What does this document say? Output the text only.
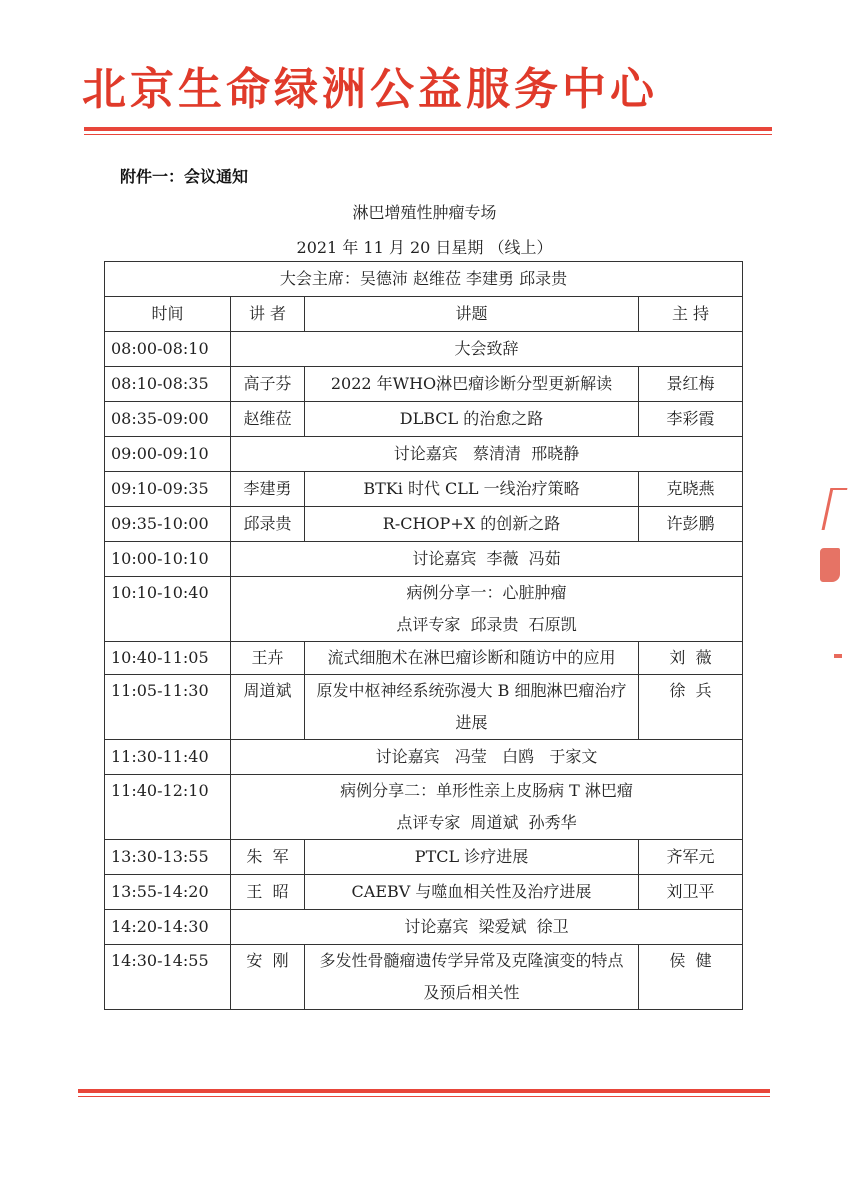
北京生命绿洲公益服务中心
附件一：会议通知
淋巴增殖性肿瘤专场
2021 年 11 月 20 日星期 （线上）
大会主席：吴德沛 赵维莅 李建勇 邱录贵			
时间	讲 者	讲题	主 持
08:00-08:10	大会致辞		
08:10-08:35	高子芬	2022 年WHO淋巴瘤诊断分型更新解读	景红梅
08:35-09:00	赵维莅	DLBCL 的治愈之路	李彩霞
09:00-09:10	讨论嘉宾   蔡清清  邢晓静		
09:10-09:35	李建勇	BTKi 时代 CLL 一线治疗策略	克晓燕
09:35-10:00	邱录贵	R-CHOP+X 的创新之路	许彭鹏
10:00-10:10	讨论嘉宾  李薇  冯茹		
10:10-10:40	病例分享一：心脏肿瘤
点评专家  邱录贵  石原凯		

10:40-11:05	王卉	流式细胞术在淋巴瘤诊断和随访中的应用	刘  薇
11:05-11:30	周道斌	原发中枢神经系统弥漫大 B 细胞淋巴瘤治疗进展	徐  兵
11:30-11:40	讨论嘉宾   冯莹   白鸥   于家文		
11:40-12:10	病例分享二：单形性亲上皮肠病 T 淋巴瘤
点评专家  周道斌  孙秀华		

13:30-13:55	朱  军	PTCL 诊疗进展	齐军元
13:55-14:20	王  昭	CAEBV 与噬血相关性及治疗进展	刘卫平
14:20-14:30	讨论嘉宾  梁爱斌  徐卫		
14:30-14:55	安  刚	多发性骨髓瘤遗传学异常及克隆演变的特点及预后相关性	侯  健
